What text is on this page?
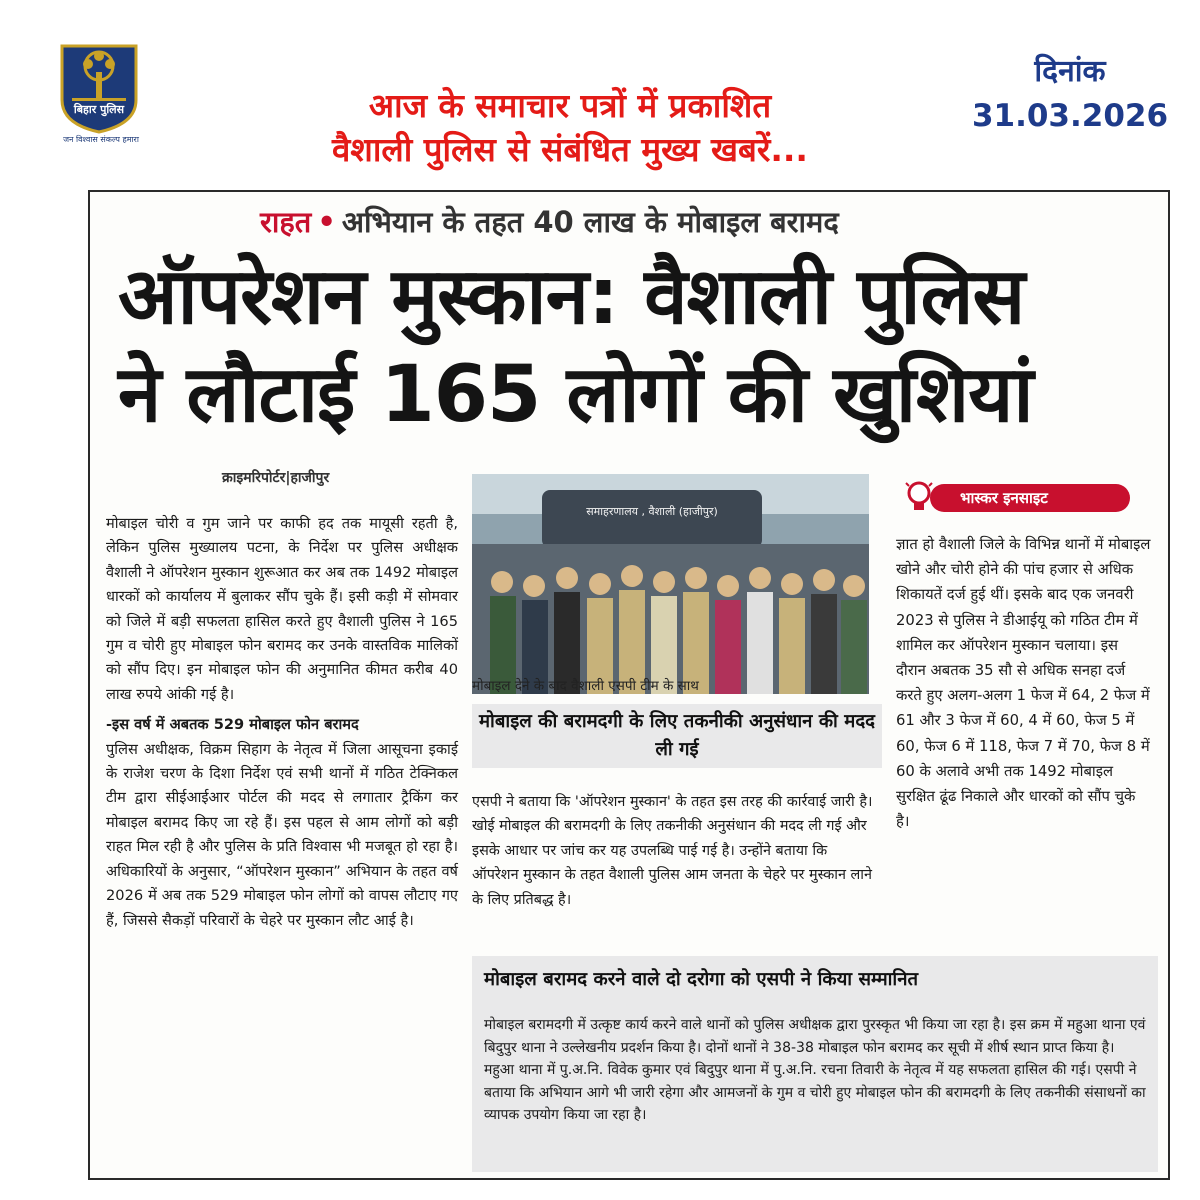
बिहार पुलिस
जन विश्वास संकल्प हमारा
आज के समाचार पत्रों में प्रकाशित
वैशाली पुलिस से संबंधित मुख्य खबरें...
दिनांक
31.03.2026
राहत • अभियान के तहत 40 लाख के मोबाइल बरामद
ऑपरेशन मुस्कान: वैशाली पुलिस
ने लौटाई 165 लोगों की खुशियां
क्राइमरिपोर्टर|हाजीपुर

मोबाइल चोरी व गुम जाने पर काफी हद तक मायूसी रहती है, लेकिन पुलिस मुख्यालय पटना, के निर्देश पर पुलिस अधीक्षक वैशाली ने ऑपरेशन मुस्कान शुरूआत कर अब तक 1492 मोबाइल धारकों को कार्यालय में बुलाकर सौंप चुके हैं। इसी कड़ी में सोमवार को जिले में बड़ी सफलता हासिल करते हुए वैशाली पुलिस ने 165 गुम व चोरी हुए मोबाइल फोन बरामद कर उनके वास्तविक मालिकों को सौंप दिए। इन मोबाइल फोन की अनुमानित कीमत करीब 40 लाख रुपये आंकी गई है।

-इस वर्ष में अबतक 529 मोबाइल फोन बरामद

पुलिस अधीक्षक, विक्रम सिहाग के नेतृत्व में जिला आसूचना इकाई के राजेश चरण के दिशा निर्देश एवं सभी थानों में गठित टेक्निकल टीम द्वारा सीईआईआर पोर्टल की मदद से लगातार ट्रैकिंग कर मोबाइल बरामद किए जा रहे हैं। इस पहल से आम लोगों को बड़ी राहत मिल रही है और पुलिस के प्रति विश्वास भी मजबूत हो रहा है। अधिकारियों के अनुसार, “ऑपरेशन मुस्कान” अभियान के तहत वर्ष 2026 में अब तक 529 मोबाइल फोन लोगों को वापस लौटाए गए हैं, जिससे सैकड़ों परिवारों के चेहरे पर मुस्कान लौट आई है।

समाहरणालय , वैशाली (हाजीपुर)
मोबाइल देने के बाद वैशाली एसपी टीम के साथ
मोबाइल की बरामदगी के लिए तकनीकी अनुसंधान की मदद ली गई
एसपी ने बताया कि 'ऑपरेशन मुस्कान' के तहत इस तरह की कार्रवाई जारी है। खोई मोबाइल की बरामदगी के लिए तकनीकी अनुसंधान की मदद ली गई और इसके आधार पर जांच कर यह उपलब्धि पाई गई है। उन्होंने बताया कि ऑपरेशन मुस्कान के तहत वैशाली पुलिस आम जनता के चेहरे पर मुस्कान लाने के लिए प्रतिबद्ध है।
भास्कर इनसाइट
ज्ञात हो वैशाली जिले के विभिन्न थानों में मोबाइल खोने और चोरी होने की पांच हजार से अधिक शिकायतें दर्ज हुई थीं। इसके बाद एक जनवरी 2023 से पुलिस ने डीआईयू को गठित टीम में शामिल कर ऑपरेशन मुस्कान चलाया। इस दौरान अबतक 35 सौ से अधिक सनहा दर्ज करते हुए अलग-अलग 1 फेज में 64, 2 फेज में 61 और 3 फेज में 60, 4 में 60, फेज 5 में 60, फेज 6 में 118, फेज 7 में 70, फेज 8 में 60 के अलावे अभी तक 1492 मोबाइल सुरक्षित ढूंढ निकाले और धारकों को सौंप चुके है।
मोबाइल बरामद करने वाले दो दरोगा को एसपी ने किया सम्मानित
मोबाइल बरामदगी में उत्कृष्ट कार्य करने वाले थानों को पुलिस अधीक्षक द्वारा पुरस्कृत भी किया जा रहा है। इस क्रम में महुआ थाना एवं बिदुपुर थाना ने उल्लेखनीय प्रदर्शन किया है। दोनों थानों ने 38-38 मोबाइल फोन बरामद कर सूची में शीर्ष स्थान प्राप्त किया है। महुआ थाना में पु.अ.नि. विवेक कुमार एवं बिदुपुर थाना में पु.अ.नि. रचना तिवारी के नेतृत्व में यह सफलता हासिल की गई। एसपी ने बताया कि अभियान आगे भी जारी रहेगा और आमजनों के गुम व चोरी हुए मोबाइल फोन की बरामदगी के लिए तकनीकी संसाधनों का व्यापक उपयोग किया जा रहा है।
